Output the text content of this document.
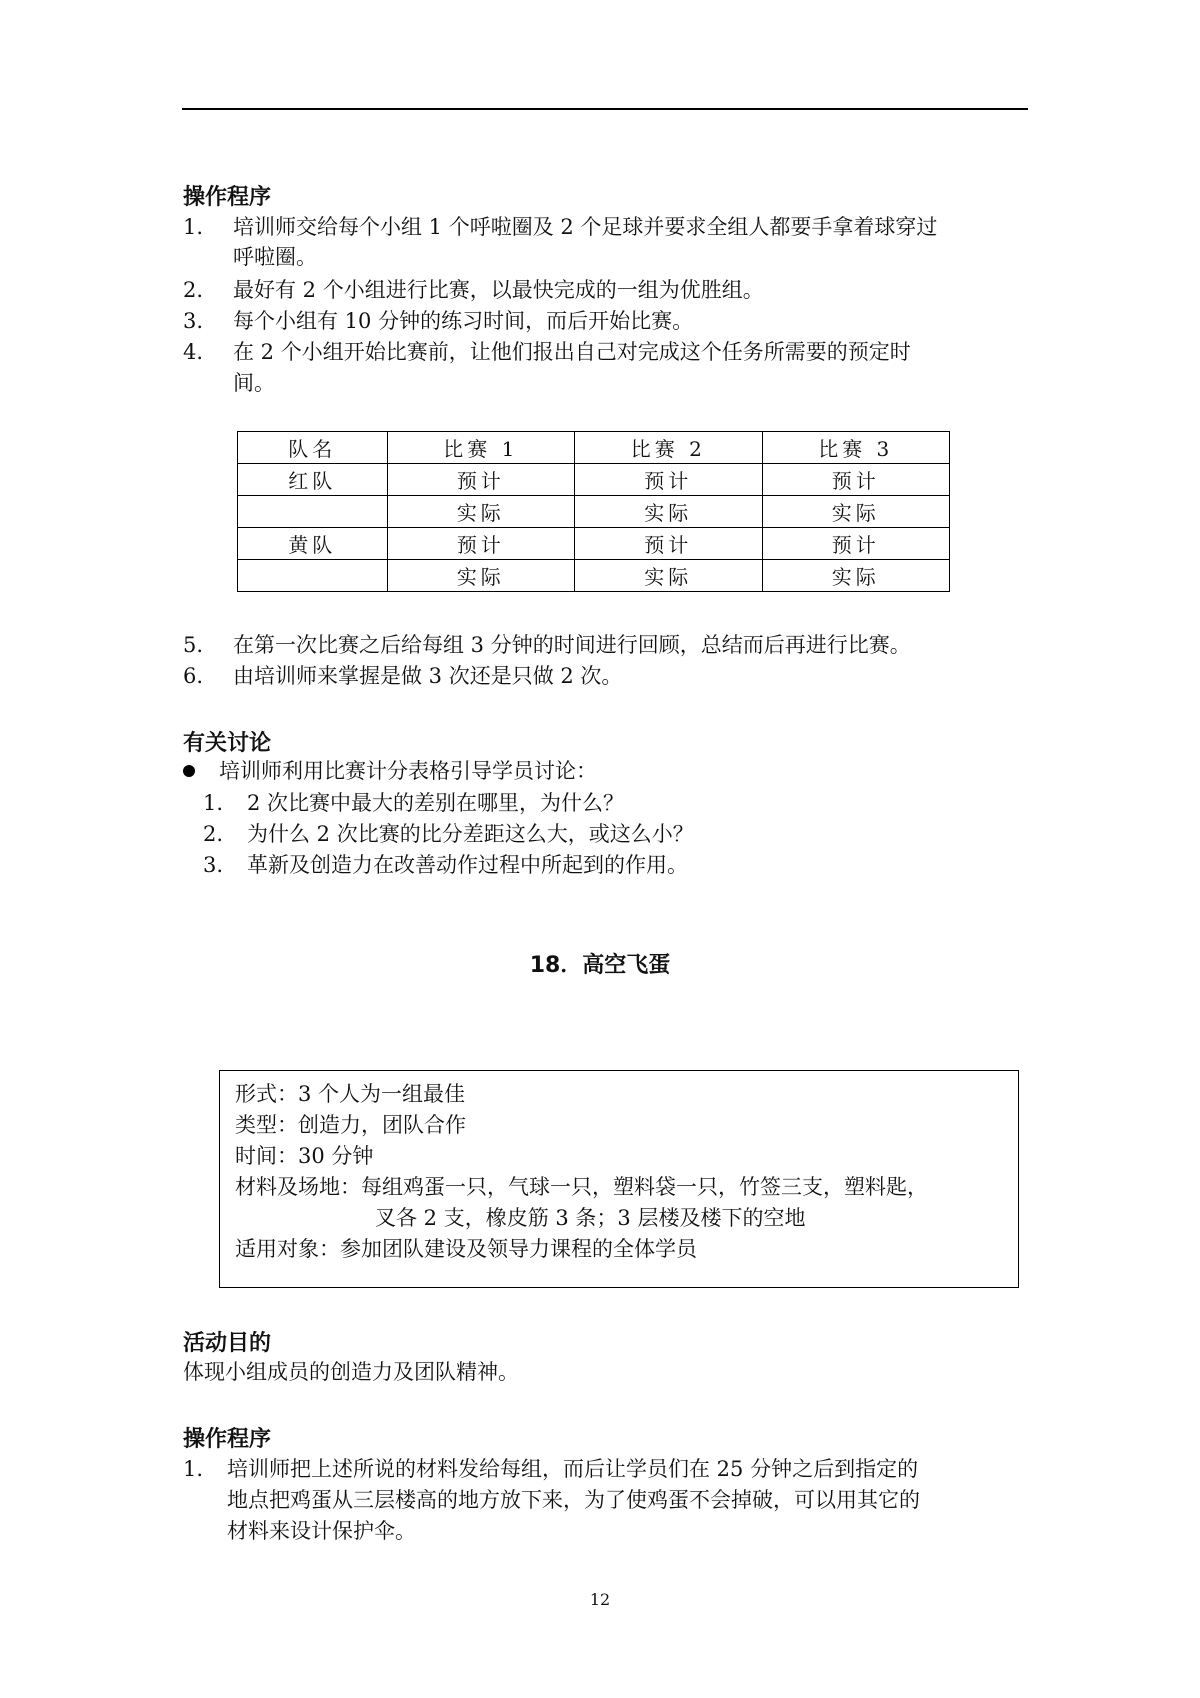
操作程序
1. 培训师交给每个小组 1 个呼啦圈及 2 个足球并要求全组人都要手拿着球穿过
呼啦圈。
2. 最好有 2 个小组进行比赛，以最快完成的一组为优胜组。
3. 每个小组有 10 分钟的练习时间，而后开始比赛。
4. 在 2 个小组开始比赛前，让他们报出自己对完成这个任务所需要的预定时
间。
队名	比赛 1	比赛 2	比赛 3
红队	预计	预计	预计
	实际	实际	实际
黄队	预计	预计	预计
	实际	实际	实际
5. 在第一次比赛之后给每组 3 分钟的时间进行回顾，总结而后再进行比赛。
6. 由培训师来掌握是做 3 次还是只做 2 次。
有关讨论
培训师利用比赛计分表格引导学员讨论：
1. 2 次比赛中最大的差别在哪里，为什么？
2. 为什么 2 次比赛的比分差距这么大，或这么小？
3. 革新及创造力在改善动作过程中所起到的作用。
18．高空飞蛋
形式：3 个人为一组最佳
类型：创造力，团队合作
时间：30 分钟
材料及场地：每组鸡蛋一只，气球一只，塑料袋一只，竹签三支，塑料匙，
叉各 2 支，橡皮筋 3 条；3 层楼及楼下的空地
适用对象：参加团队建设及领导力课程的全体学员
活动目的
体现小组成员的创造力及团队精神。
操作程序
1. 培训师把上述所说的材料发给每组，而后让学员们在 25 分钟之后到指定的
地点把鸡蛋从三层楼高的地方放下来，为了使鸡蛋不会掉破，可以用其它的
材料来设计保护伞。
12
